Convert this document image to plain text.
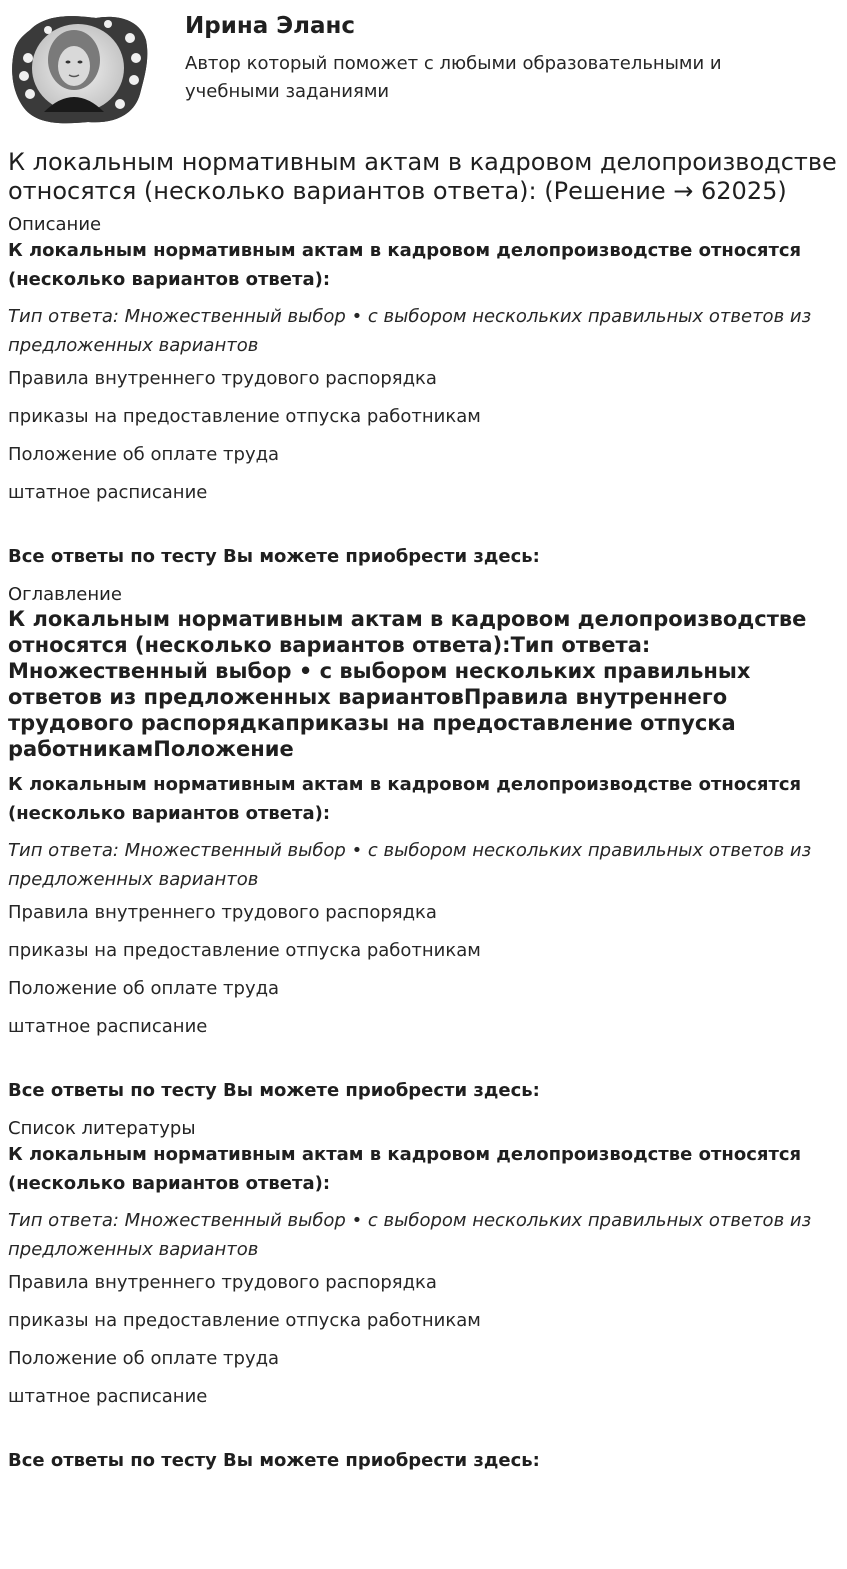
Ирина Эланс

Автор который поможет с любыми образовательными и учебными заданиями

К локальным нормативным актам в кадровом делопроизводстве относятся (несколько вариантов ответа): (Решение → 62025)

Описание

К локальным нормативным актам в кадровом делопроизводстве относятся (несколько вариантов ответа):

Тип ответа: Множественный выбор • с выбором нескольких правильных ответов из предложенных вариантов

Правила внутреннего трудового распорядка

приказы на предоставление отпуска работникам

Положение об оплате труда

штатное расписание

Все ответы по тесту Вы можете приобрести здесь:

Оглавление

К локальным нормативным актам в кадровом делопроизводстве относятся (несколько вариантов ответа):Тип ответа: Множественный выбор • с выбором нескольких правильных ответов из предложенных вариантовПравила внутреннего трудового распорядкаприказы на предоставление отпуска работникамПоложение

К локальным нормативным актам в кадровом делопроизводстве относятся (несколько вариантов ответа):

Тип ответа: Множественный выбор • с выбором нескольких правильных ответов из предложенных вариантов

Правила внутреннего трудового распорядка

приказы на предоставление отпуска работникам

Положение об оплате труда

штатное расписание

Все ответы по тесту Вы можете приобрести здесь:

Список литературы

К локальным нормативным актам в кадровом делопроизводстве относятся (несколько вариантов ответа):

Тип ответа: Множественный выбор • с выбором нескольких правильных ответов из предложенных вариантов

Правила внутреннего трудового распорядка

приказы на предоставление отпуска работникам

Положение об оплате труда

штатное расписание

Все ответы по тесту Вы можете приобрести здесь:
